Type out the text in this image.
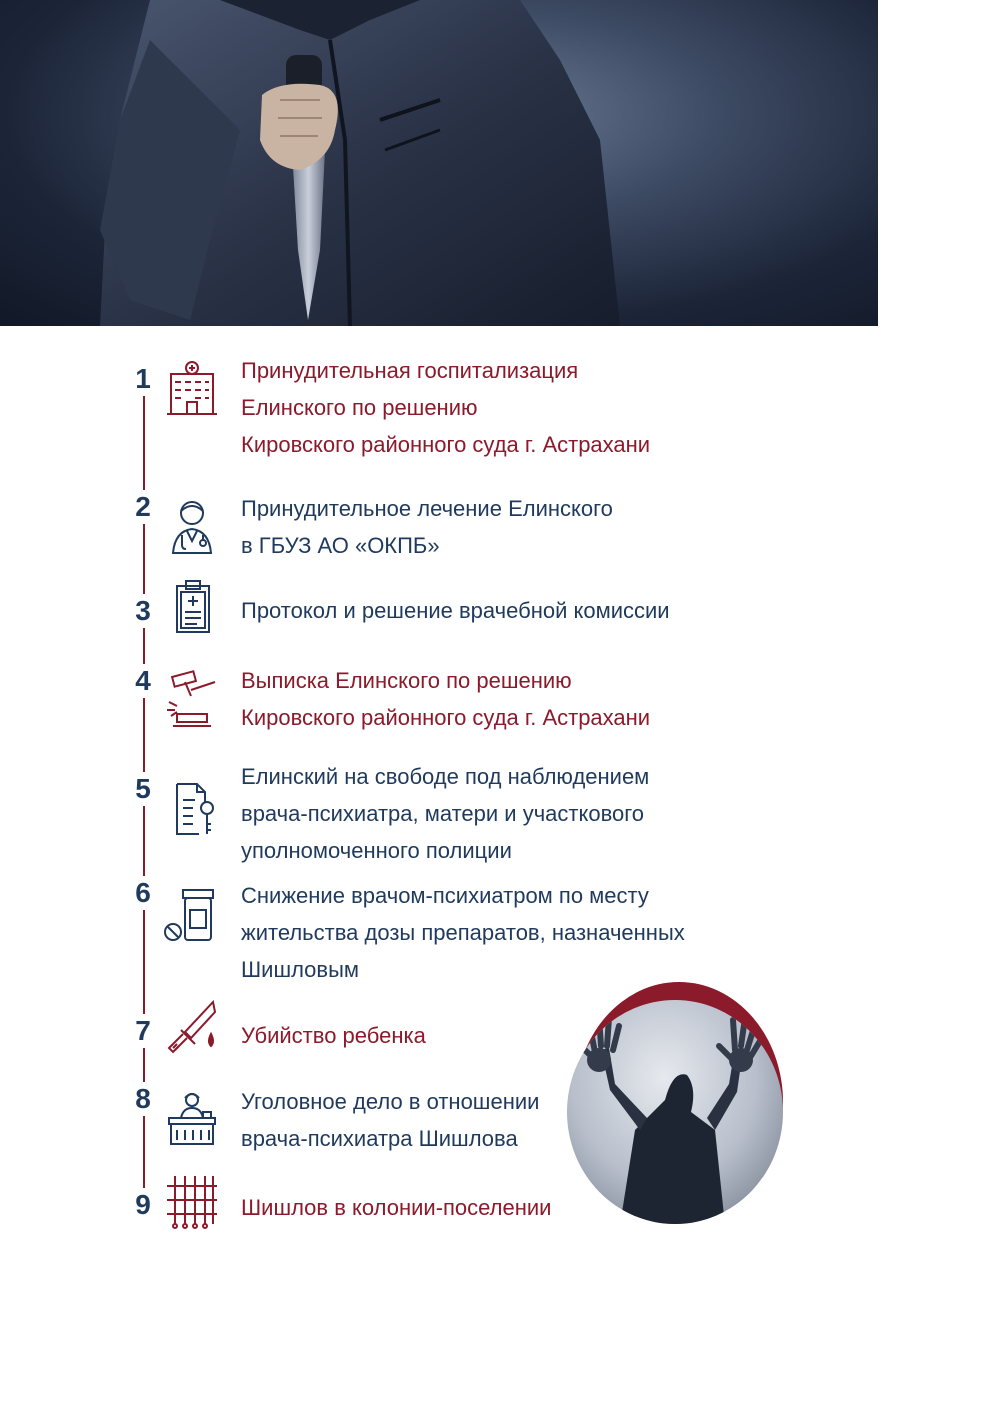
1	Принудительная госпитализация
Елинского по решению
Кировского районного суда г. Астрахани
2	Принудительное лечение Елинского
в ГБУЗ АО «ОКПБ»
3	Протокол и решение врачебной комиссии
4	Выписка Елинского по решению
Кировского районного суда г. Астрахани
5	Елинский на свободе под наблюдением
врача-психиатра, матери и участкового
уполномоченного полиции
6	Снижение врачом-психиатром по месту
жительства дозы препаратов, назначенных
Шишловым
7	Убийство ребенка
8	Уголовное дело в отношении
врача-психиатра Шишлова
9	Шишлов в колонии-поселении
